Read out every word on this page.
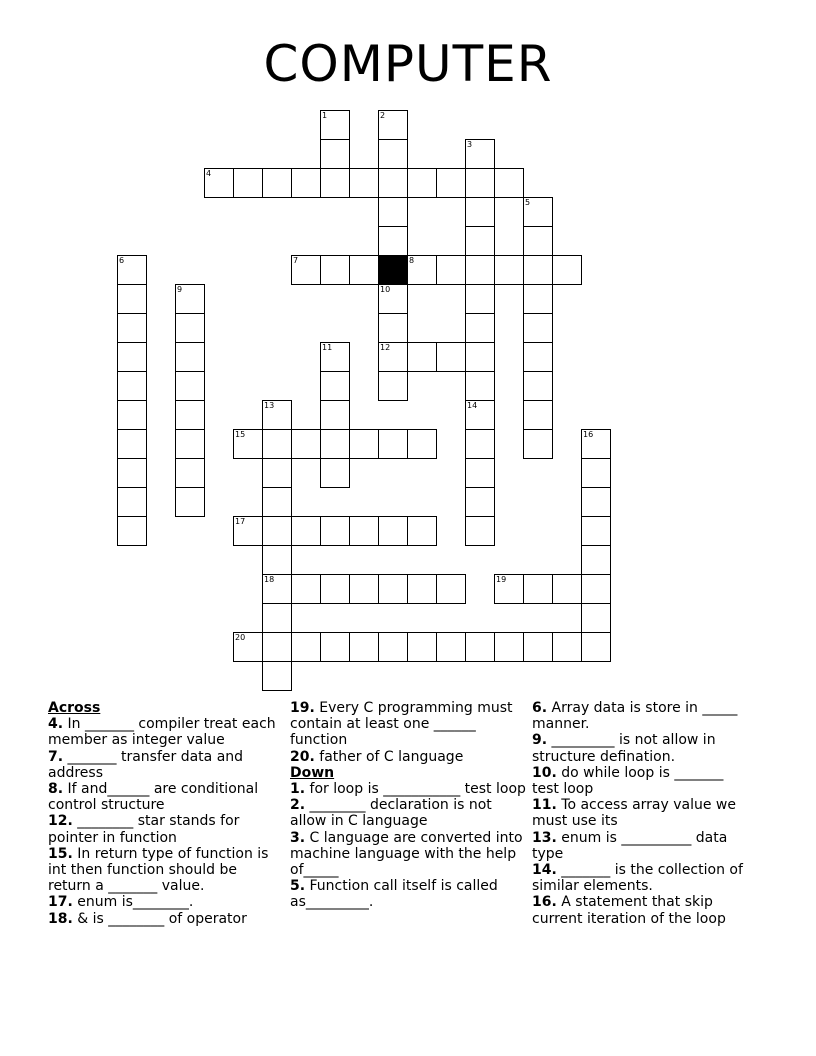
COMPUTER
4
7	8
12
15
17
18	19
20
1	2
10
3
14
5
6
9
11
13
16

Across

4. In _______ compiler treat each member as integer value

7. _______ transfer data and address

8. If and______ are conditional control structure

12. ________ star stands for pointer in function

15. In return type of function is int then function should be return a _______ value.

17. enum is________.

18. & is ________ of operator

19. Every C programming must contain at least one ______ function

20. father of C language

Down

1. for loop is ___________ test loop

2. ________ declaration is not allow in C language

3. C language are converted into machine language with the help of_____

5. Function call itself is called as_________.

6. Array data is store in _____ manner.

9. _________ is not allow in structure defination.

10. do while loop is _______ test loop

11. To access array value we must use its

13. enum is __________ data type

14. _______ is the collection of similar elements.

16. A statement that skip current iteration of the loop
